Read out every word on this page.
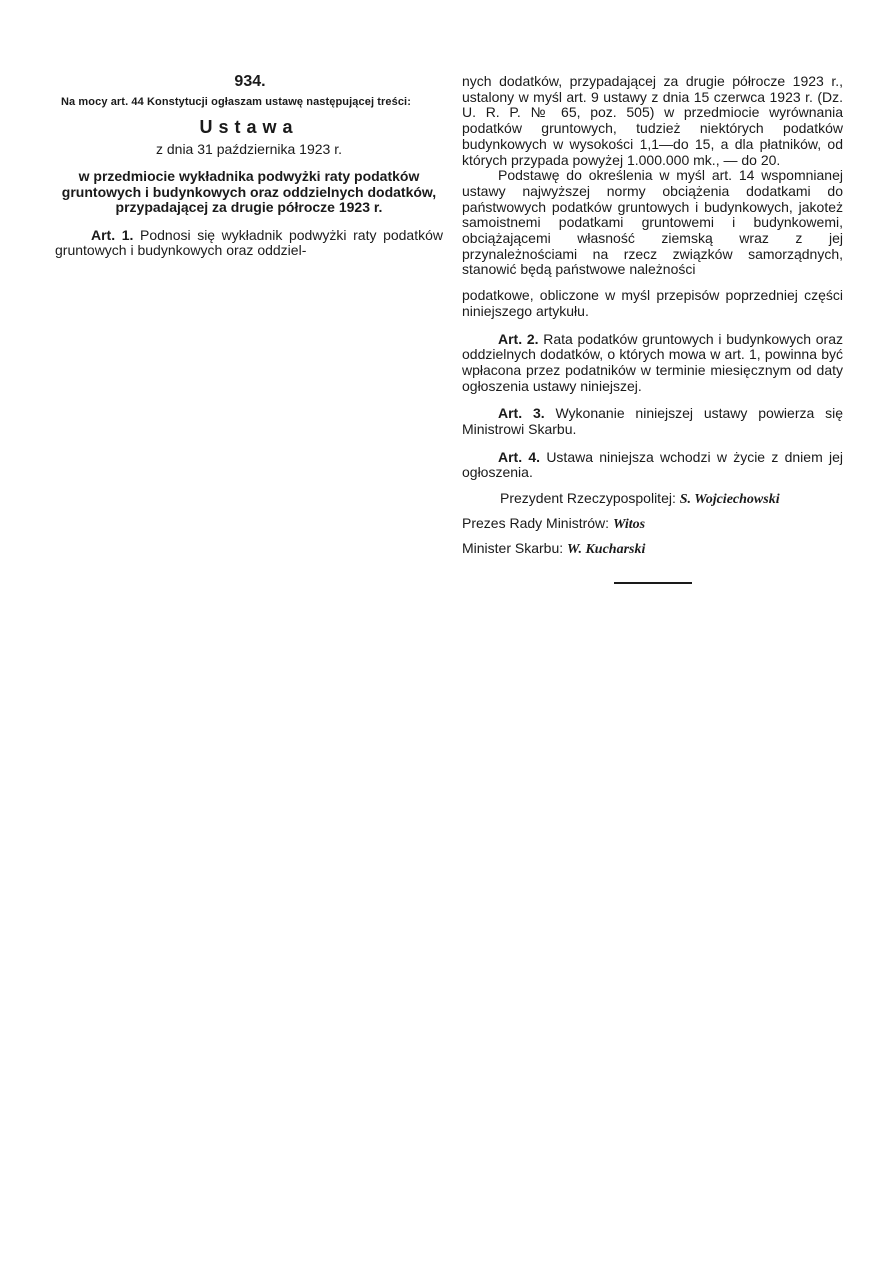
934.

Na mocy art. 44 Konstytucji ogłaszam ustawę następującej treści:

Ustawa
z dnia 31 października 1923 r.

w przedmiocie wykładnika podwyżki raty podatków gruntowych i budynkowych oraz oddzielnych dodatków, przypadającej za drugie półrocze 1923 r.

Art. 1. Podnosi się wykładnik podwyżki raty podatków gruntowych i budynkowych oraz oddziel-

nych dodatków, przypadającej za drugie półrocze 1923 r., ustalony w myśl art. 9 ustawy z dnia 15 czerwca 1923 r. (Dz. U. R. P. № 65, poz. 505) w przedmiocie wyrównania podatków gruntowych, tudzież niektórych podatków budynkowych w wysokości 1,1—do 15, a dla płatników, od których przypada powyżej 1.000.000 mk., — do 20.

Podstawę do określenia w myśl art. 14 wspomnianej ustawy najwyższej normy obciążenia dodatkami do państwowych podatków gruntowych i budynkowych, jakoteż samoistnemi podatkami gruntowemi i budynkowemi, obciążającemi własność ziemską wraz z jej przynależnościami na rzecz związków samorządnych, stanowić będą państwowe należności

podatkowe, obliczone w myśl przepisów poprzedniej części niniejszego artykułu.

Art. 2. Rata podatków gruntowych i budynkowych oraz oddzielnych dodatków, o których mowa w art. 1, powinna być wpłacona przez podatników w terminie miesięcznym od daty ogłoszenia ustawy niniejszej.

Art. 3. Wykonanie niniejszej ustawy powierza się Ministrowi Skarbu.

Art. 4. Ustawa niniejsza wchodzi w życie z dniem jej ogłoszenia.

Prezydent Rzeczypospolitej: S. Wojciechowski

Prezes Rady Ministrów: Witos

Minister Skarbu: W. Kucharski
